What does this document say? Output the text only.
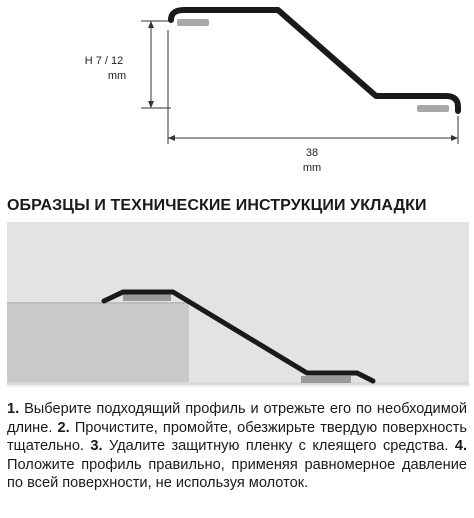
H 7 / 12
mm
38
mm
ОБРАЗЦЫ И ТЕХНИЧЕСКИЕ ИНСТРУКЦИИ УКЛАДКИ

1. Выберите подходящий профиль и отрежьте его по необходимой длине. 2. Прочистите, промойте, обезжирьте твердую поверхность тщательно. 3. Удалите защитную пленку с клеящего средства. 4. Положите профиль правильно, применяя равномерное давление по всей поверхности, не используя молоток.
